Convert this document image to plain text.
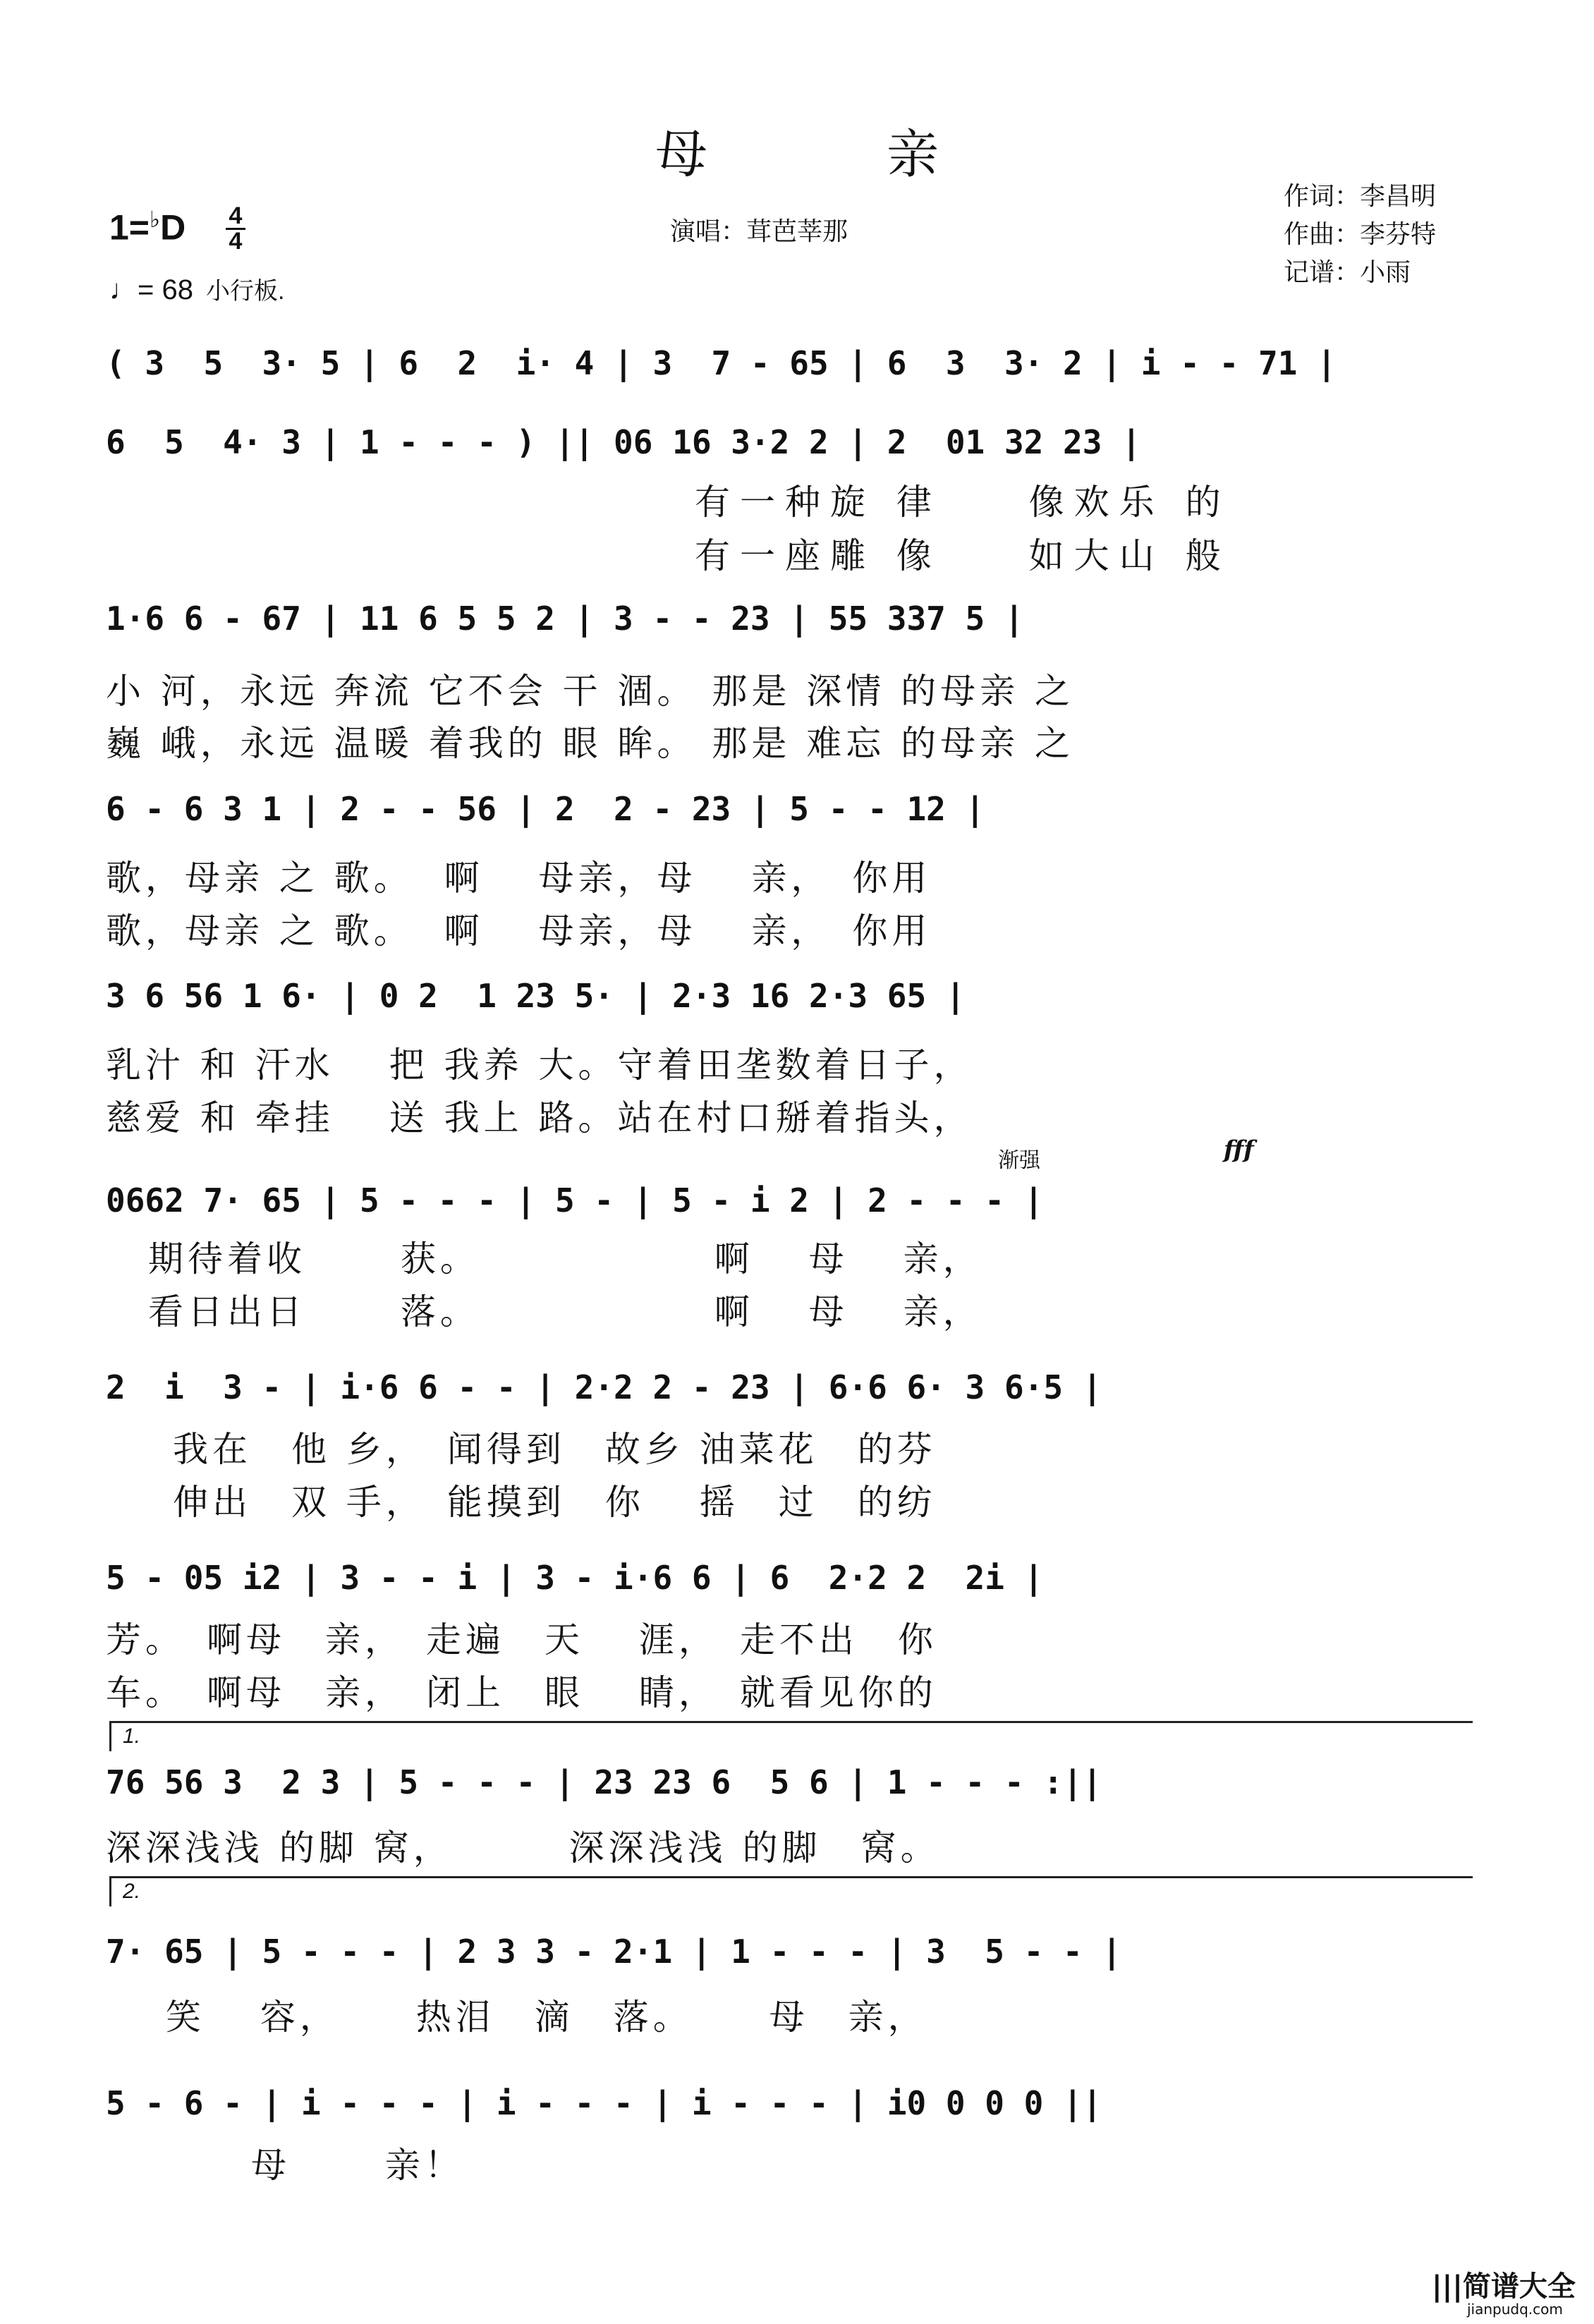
母　亲
1=♭D 4
4
♩= 68 小行板.
演唱：茸芭莘那
作词：李昌明
作曲：李芬特
记谱：小雨
( 3  5  3· 5 | 6  2  i· 4 | 3  7 - 65 | 6  3  3· 2 | i - - 71 |
6  5  4· 3 | 1 - - - ) || 06 16 3·2 2 | 2  01 32 23 |
有一种旋 律　  像欢乐 的
有一座雕 像　  如大山 般
1·6 6 - 67 | 11 6 5 5 2 | 3 - - 23 | 55 337 5 |
小 河，永远 奔流 它不会 干 涸。 那是 深情 的母亲 之
巍 峨，永远 温暖 着我的 眼 眸。 那是 难忘 的母亲 之
6 - 6 3 1 | 2 - - 56 | 2  2 - 23 | 5 - - 12 |
歌，母亲 之 歌。  啊　 母亲，母　 亲，　你用
歌，母亲 之 歌。  啊　 母亲，母　 亲，　你用
3 6 56 1 6· | 0 2  1 23 5· | 2·3 16 2·3 65 |
乳汁 和 汗水　 把 我养 大。守着田垄数着日子，
慈爱 和 牵挂　 送 我上 路。站在村口掰着指头，
渐强	fff
0662 7· 65 | 5 - - - | 5 - | 5 - i 2 | 2 - - - |
期待着收　　 获。　　　　　　 啊　 母　 亲，
看日出日　　 落。　　　　　　 啊　 母　 亲，
2  i  3 - | i·6 6 - - | 2·2 2 - 23 | 6·6 6· 3 6·5 |
我在　他 乡，　闻得到　故乡 油菜花　的芬
伸出　双 手，　能摸到　你　 摇　过　的纺
5 - 05 i2 | 3 - - i | 3 - i·6 6 | 6  2·2 2  2i |
芳。　啊母　亲，　走遍　天　 涯，　走不出　你
车。　啊母　亲，　闭上　眼　 睛，　就看见你的
1.
76 56 3  2 3 | 5 - - - | 23 23 6  5 6 | 1 - - - :||
深深浅浅 的脚 窝，　　　 深深浅浅 的脚　窝。
2.
7· 65 | 5 - - - | 2 3 3 - 2·1 | 1 - - - | 3  5 - - |
笑　 容，　　 热泪　滴　落。　　 母　亲，
5 - 6 - | i - - - | i - - - | i - - - | i0 0 0 0 ||
　母　　 亲！
|||简谱大全
jianpudq.com
